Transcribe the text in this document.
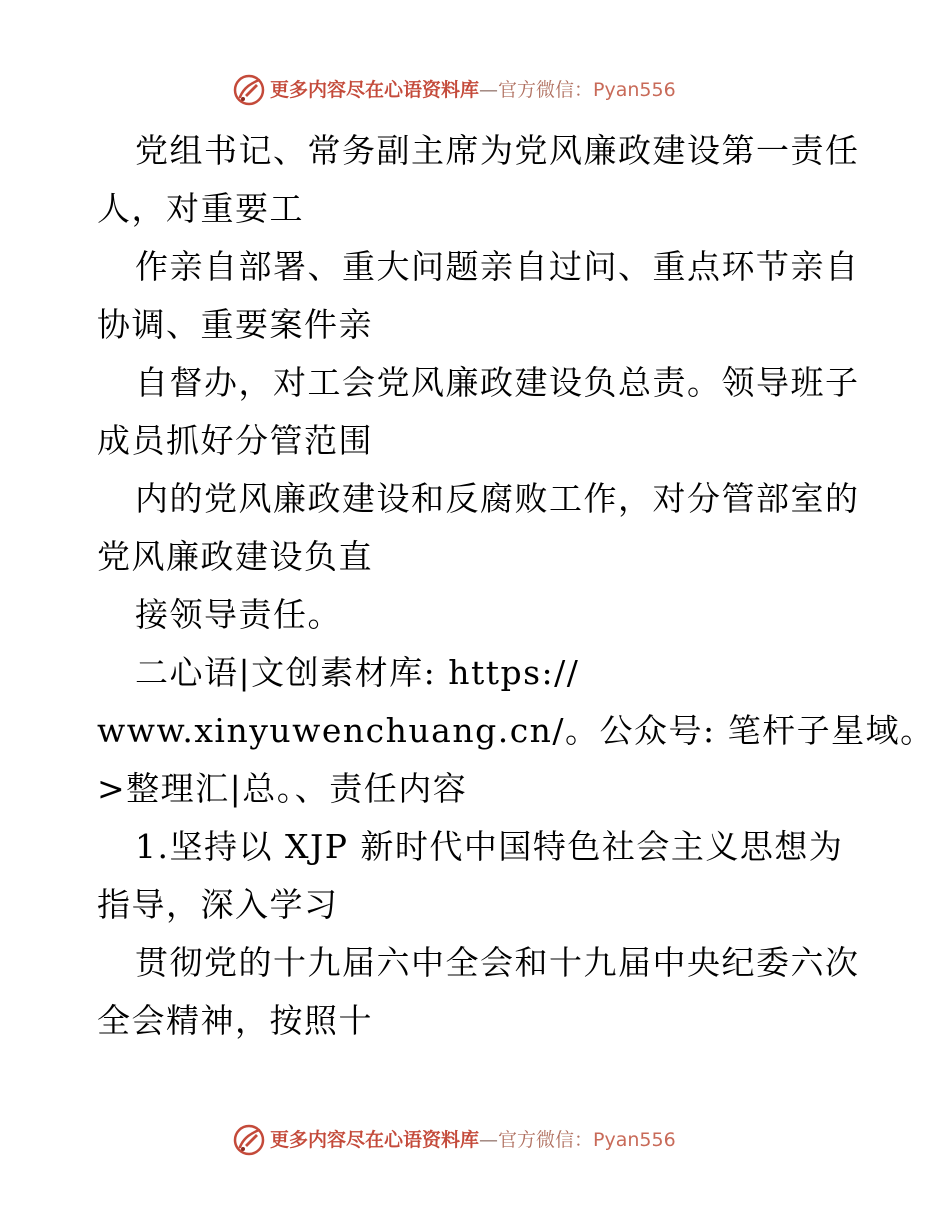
更多内容尽在心语资料库—官方微信：Pyan556
党组书记、常务副主席为党风廉政建设第一责任
人，对重要工
作亲自部署、重大问题亲自过问、重点环节亲自
协调、重要案件亲
自督办，对工会党风廉政建设负总责。领导班子
成员抓好分管范围
内的党风廉政建设和反腐败工作，对分管部室的
党风廉政建设负直
接领导责任。
二心语|文创素材库: https://
www.xinyuwenchuang.cn/。公众号: 笔杆子星域。
>整理汇|总。、责任内容
1.坚持以 XJP 新时代中国特色社会主义思想为
指导，深入学习
贯彻党的十九届六中全会和十九届中央纪委六次
全会精神，按照十
更多内容尽在心语资料库—官方微信：Pyan556
